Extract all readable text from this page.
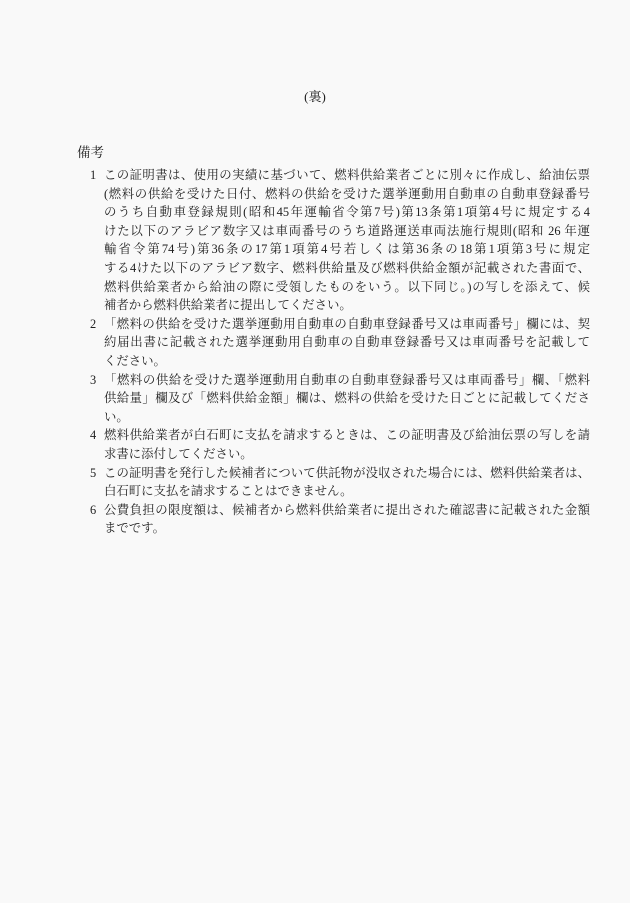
(裏)
備考
1 この証明書は、使用の実績に基づいて、燃料供給業者ごとに別々に作成し、給油伝票
(燃料の供給を受けた日付、燃料の供給を受けた選挙運動用自動車の自動車登録番号
のうち自動車登録規則(昭和45年運輸省令第7号)第13条第1項第4号に規定する4
けた以下のアラビア数字又は車両番号のうち道路運送車両法施行規則(昭和 26 年運
輸省令第74号)第36条の17第1項第4号若しくは第36条の18第1項第3号に規定
する4けた以下のアラビア数字、燃料供給量及び燃料供給金額が記載された書面で、
燃料供給業者から給油の際に受領したものをいう。以下同じ。)の写しを添えて、候
補者から燃料供給業者に提出してください。
2 「燃料の供給を受けた選挙運動用自動車の自動車登録番号又は車両番号」欄には、契
約届出書に記載された選挙運動用自動車の自動車登録番号又は車両番号を記載して
ください。
3 「燃料の供給を受けた選挙運動用自動車の自動車登録番号又は車両番号」欄、「燃料
供給量」欄及び「燃料供給金額」欄は、燃料の供給を受けた日ごとに記載してくださ
い。
4 燃料供給業者が白石町に支払を請求するときは、この証明書及び給油伝票の写しを請
求書に添付してください。
5 この証明書を発行した候補者について供託物が没収された場合には、燃料供給業者は、
白石町に支払を請求することはできません。
6 公費負担の限度額は、候補者から燃料供給業者に提出された確認書に記載された金額
までです。
